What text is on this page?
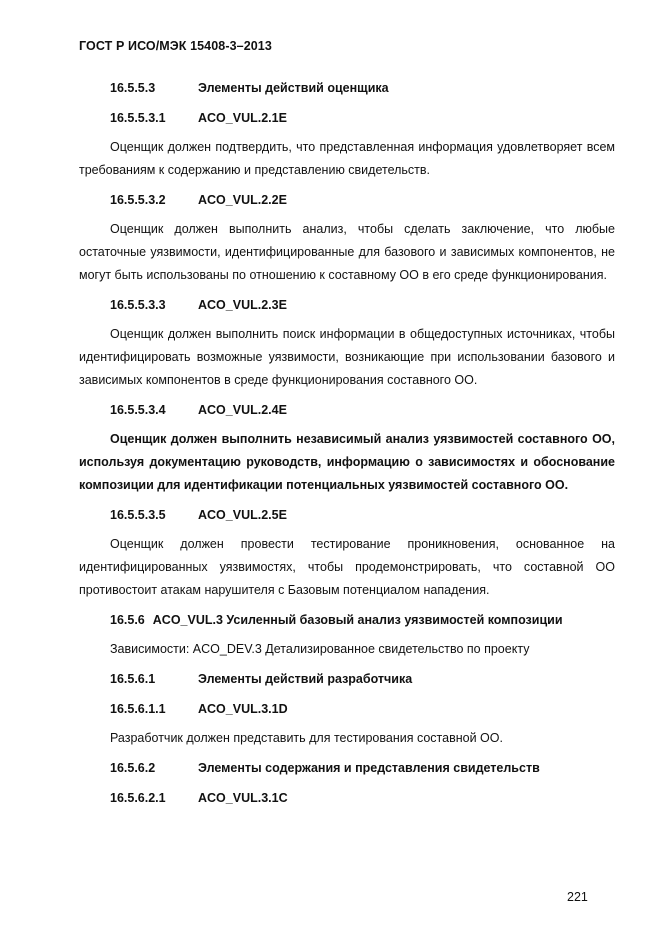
ГОСТ Р ИСО/МЭК 15408-3–2013
16.5.5.3	Элементы действий оценщика
16.5.5.3.1	ACO_VUL.2.1E

Оценщик должен подтвердить, что представленная информация удовлетворяет всем требованиям к содержанию и представлению свидетельств.

16.5.5.3.2	ACO_VUL.2.2E

Оценщик должен выполнить анализ, чтобы сделать заключение, что любые остаточные уязвимости, идентифицированные для базового и зависимых компонентов, не могут быть использованы по отношению к составному ОО в его среде функционирования.

16.5.5.3.3	ACO_VUL.2.3E

Оценщик должен выполнить поиск информации в общедоступных источниках, чтобы идентифицировать возможные уязвимости, возникающие при использовании базового и зависимых компонентов в среде функционирования составного ОО.

16.5.5.3.4	ACO_VUL.2.4E

Оценщик должен выполнить независимый анализ уязвимостей составного ОО, используя документацию руководств, информацию о зависимостях и обоснование композиции для идентификации потенциальных уязвимостей составного ОО.

16.5.5.3.5	ACO_VUL.2.5E

Оценщик должен провести тестирование проникновения, основанное на идентифицированных уязвимостях, чтобы продемонстрировать, что составной ОО противостоит атакам нарушителя с Базовым потенциалом нападения.

16.5.6 ACO_VUL.3 Усиленный базовый анализ уязвимостей композиции

Зависимости: ACO_DEV.3 Детализированное свидетельство по проекту

16.5.6.1	Элементы действий разработчика
16.5.6.1.1	ACO_VUL.3.1D

Разработчик должен представить для тестирования составной ОО.

16.5.6.2	Элементы содержания и представления свидетельств
16.5.6.2.1	ACO_VUL.3.1C
221
